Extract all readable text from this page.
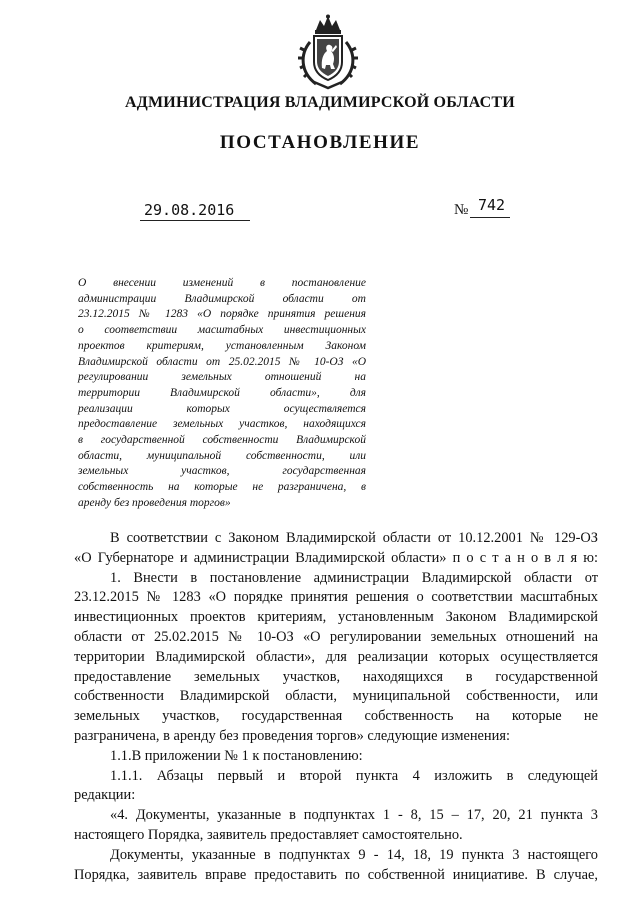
АДМИНИСТРАЦИЯ ВЛАДИМИРСКОЙ ОБЛАСТИ
ПОСТАНОВЛЕНИЕ
29.08.2016	№ 742
О внесении изменений в постановление
администрации Владимирской области от
23.12.2015 № 1283 «О порядке принятия решения
о соответствии масштабных инвестиционных
проектов критериям, установленным Законом
Владимирской области от 25.02.2015 № 10-ОЗ «О
регулировании земельных отношений на
территории Владимирской области», для
реализации которых осуществляется
предоставление земельных участков, находящихся
в государственной собственности Владимирской
области, муниципальной собственности, или
земельных участков, государственная
собственность на которые не разграничена, в
аренду без проведения торгов»
В соответствии с Законом Владимирской области от 10.12.2001 № 129-ОЗ
«О Губернаторе и администрации Владимирской области» п о с т а н о в л я ю:
1. Внести в постановление администрации Владимирской области от
23.12.2015 № 1283 «О порядке принятия решения о соответствии масштабных
инвестиционных проектов критериям, установленным Законом Владимирской
области от 25.02.2015 № 10-ОЗ «О регулировании земельных отношений на
территории Владимирской области», для реализации которых осуществляется
предоставление земельных участков, находящихся в государственной
собственности Владимирской области, муниципальной собственности, или
земельных участков, государственная собственность на которые не
разграничена, в аренду без проведения торгов» следующие изменения:
1.1.В приложении № 1 к постановлению:
1.1.1. Абзацы первый и второй пункта 4 изложить в следующей
редакции:
«4. Документы, указанные в подпунктах 1 - 8, 15 – 17, 20, 21 пункта 3
настоящего Порядка, заявитель предоставляет самостоятельно.
Документы, указанные в подпунктах 9 - 14, 18, 19 пункта 3 настоящего
Порядка, заявитель вправе предоставить по собственной инициативе. В случае,
